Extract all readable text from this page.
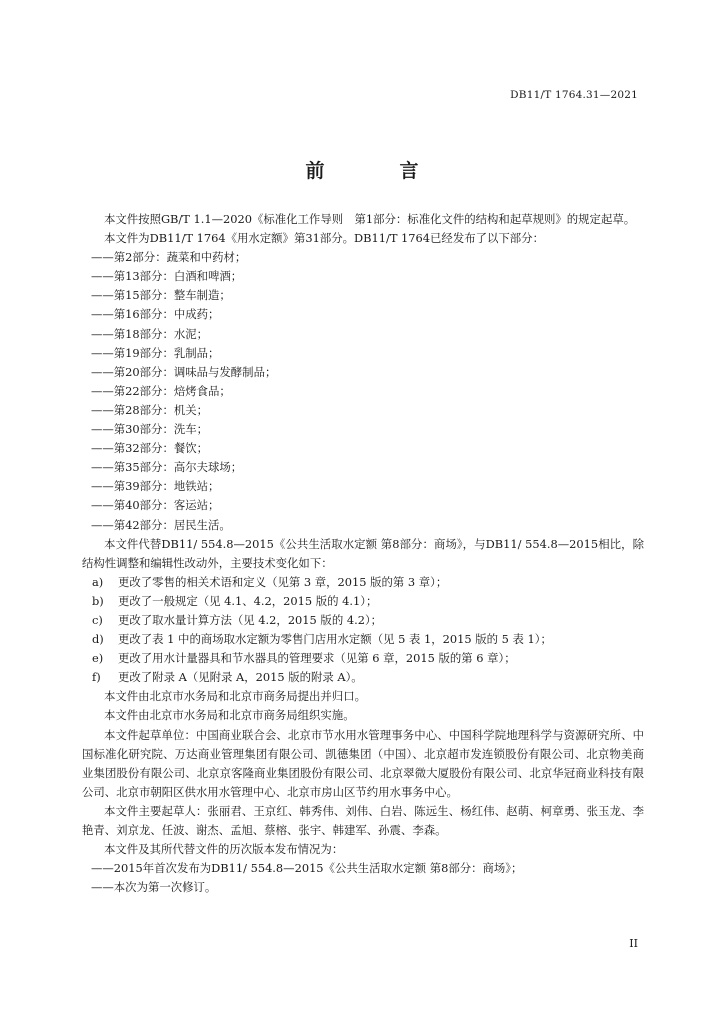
DB11/T 1764.31—2021
前　言

本文件按照GB/T 1.1—2020《标准化工作导则　第1部分：标准化文件的结构和起草规则》的规定起草。

本文件为DB11/T 1764《用水定额》第31部分。DB11/T 1764已经发布了以下部分：

——第2部分：蔬菜和中药材；

——第13部分：白酒和啤酒；

——第15部分：整车制造；

——第16部分：中成药；

——第18部分：水泥；

——第19部分：乳制品；

——第20部分：调味品与发酵制品；

——第22部分：焙烤食品；

——第28部分：机关；

——第30部分：洗车；

——第32部分：餐饮；

——第35部分：高尔夫球场；

——第39部分：地铁站；

——第40部分：客运站；

——第42部分：居民生活。

本文件代替DB11/ 554.8—2015《公共生活取水定额 第8部分：商场》，与DB11/ 554.8—2015相比，除结构性调整和编辑性改动外，主要技术变化如下：

a) 更改了零售的相关术语和定义（见第 3 章，2015 版的第 3 章）；

b) 更改了一般规定（见 4.1、4.2，2015 版的 4.1）；

c) 更改了取水量计算方法（见 4.2，2015 版的 4.2）；

d) 更改了表 1 中的商场取水定额为零售门店用水定额（见 5 表 1，2015 版的 5 表 1）；

e) 更改了用水计量器具和节水器具的管理要求（见第 6 章，2015 版的第 6 章）；

f) 更改了附录 A（见附录 A，2015 版的附录 A）。

本文件由北京市水务局和北京市商务局提出并归口。

本文件由北京市水务局和北京市商务局组织实施。

本文件起草单位：中国商业联合会、北京市节水用水管理事务中心、中国科学院地理科学与资源研究所、中国标准化研究院、万达商业管理集团有限公司、凯德集团（中国）、北京超市发连锁股份有限公司、北京物美商业集团股份有限公司、北京京客隆商业集团股份有限公司、北京翠微大厦股份有限公司、北京华冠商业科技有限公司、北京市朝阳区供水用水管理中心、北京市房山区节约用水事务中心。

本文件主要起草人：张丽君、王京红、韩秀伟、刘伟、白岩、陈远生、杨红伟、赵萌、柯章勇、张玉龙、李艳青、刘京龙、任波、谢杰、孟旭、蔡榕、张宇、韩建军、孙震、李森。

本文件及其所代替文件的历次版本发布情况为：

——2015年首次发布为DB11/ 554.8—2015《公共生活取水定额 第8部分：商场》；

——本次为第一次修订。

II
